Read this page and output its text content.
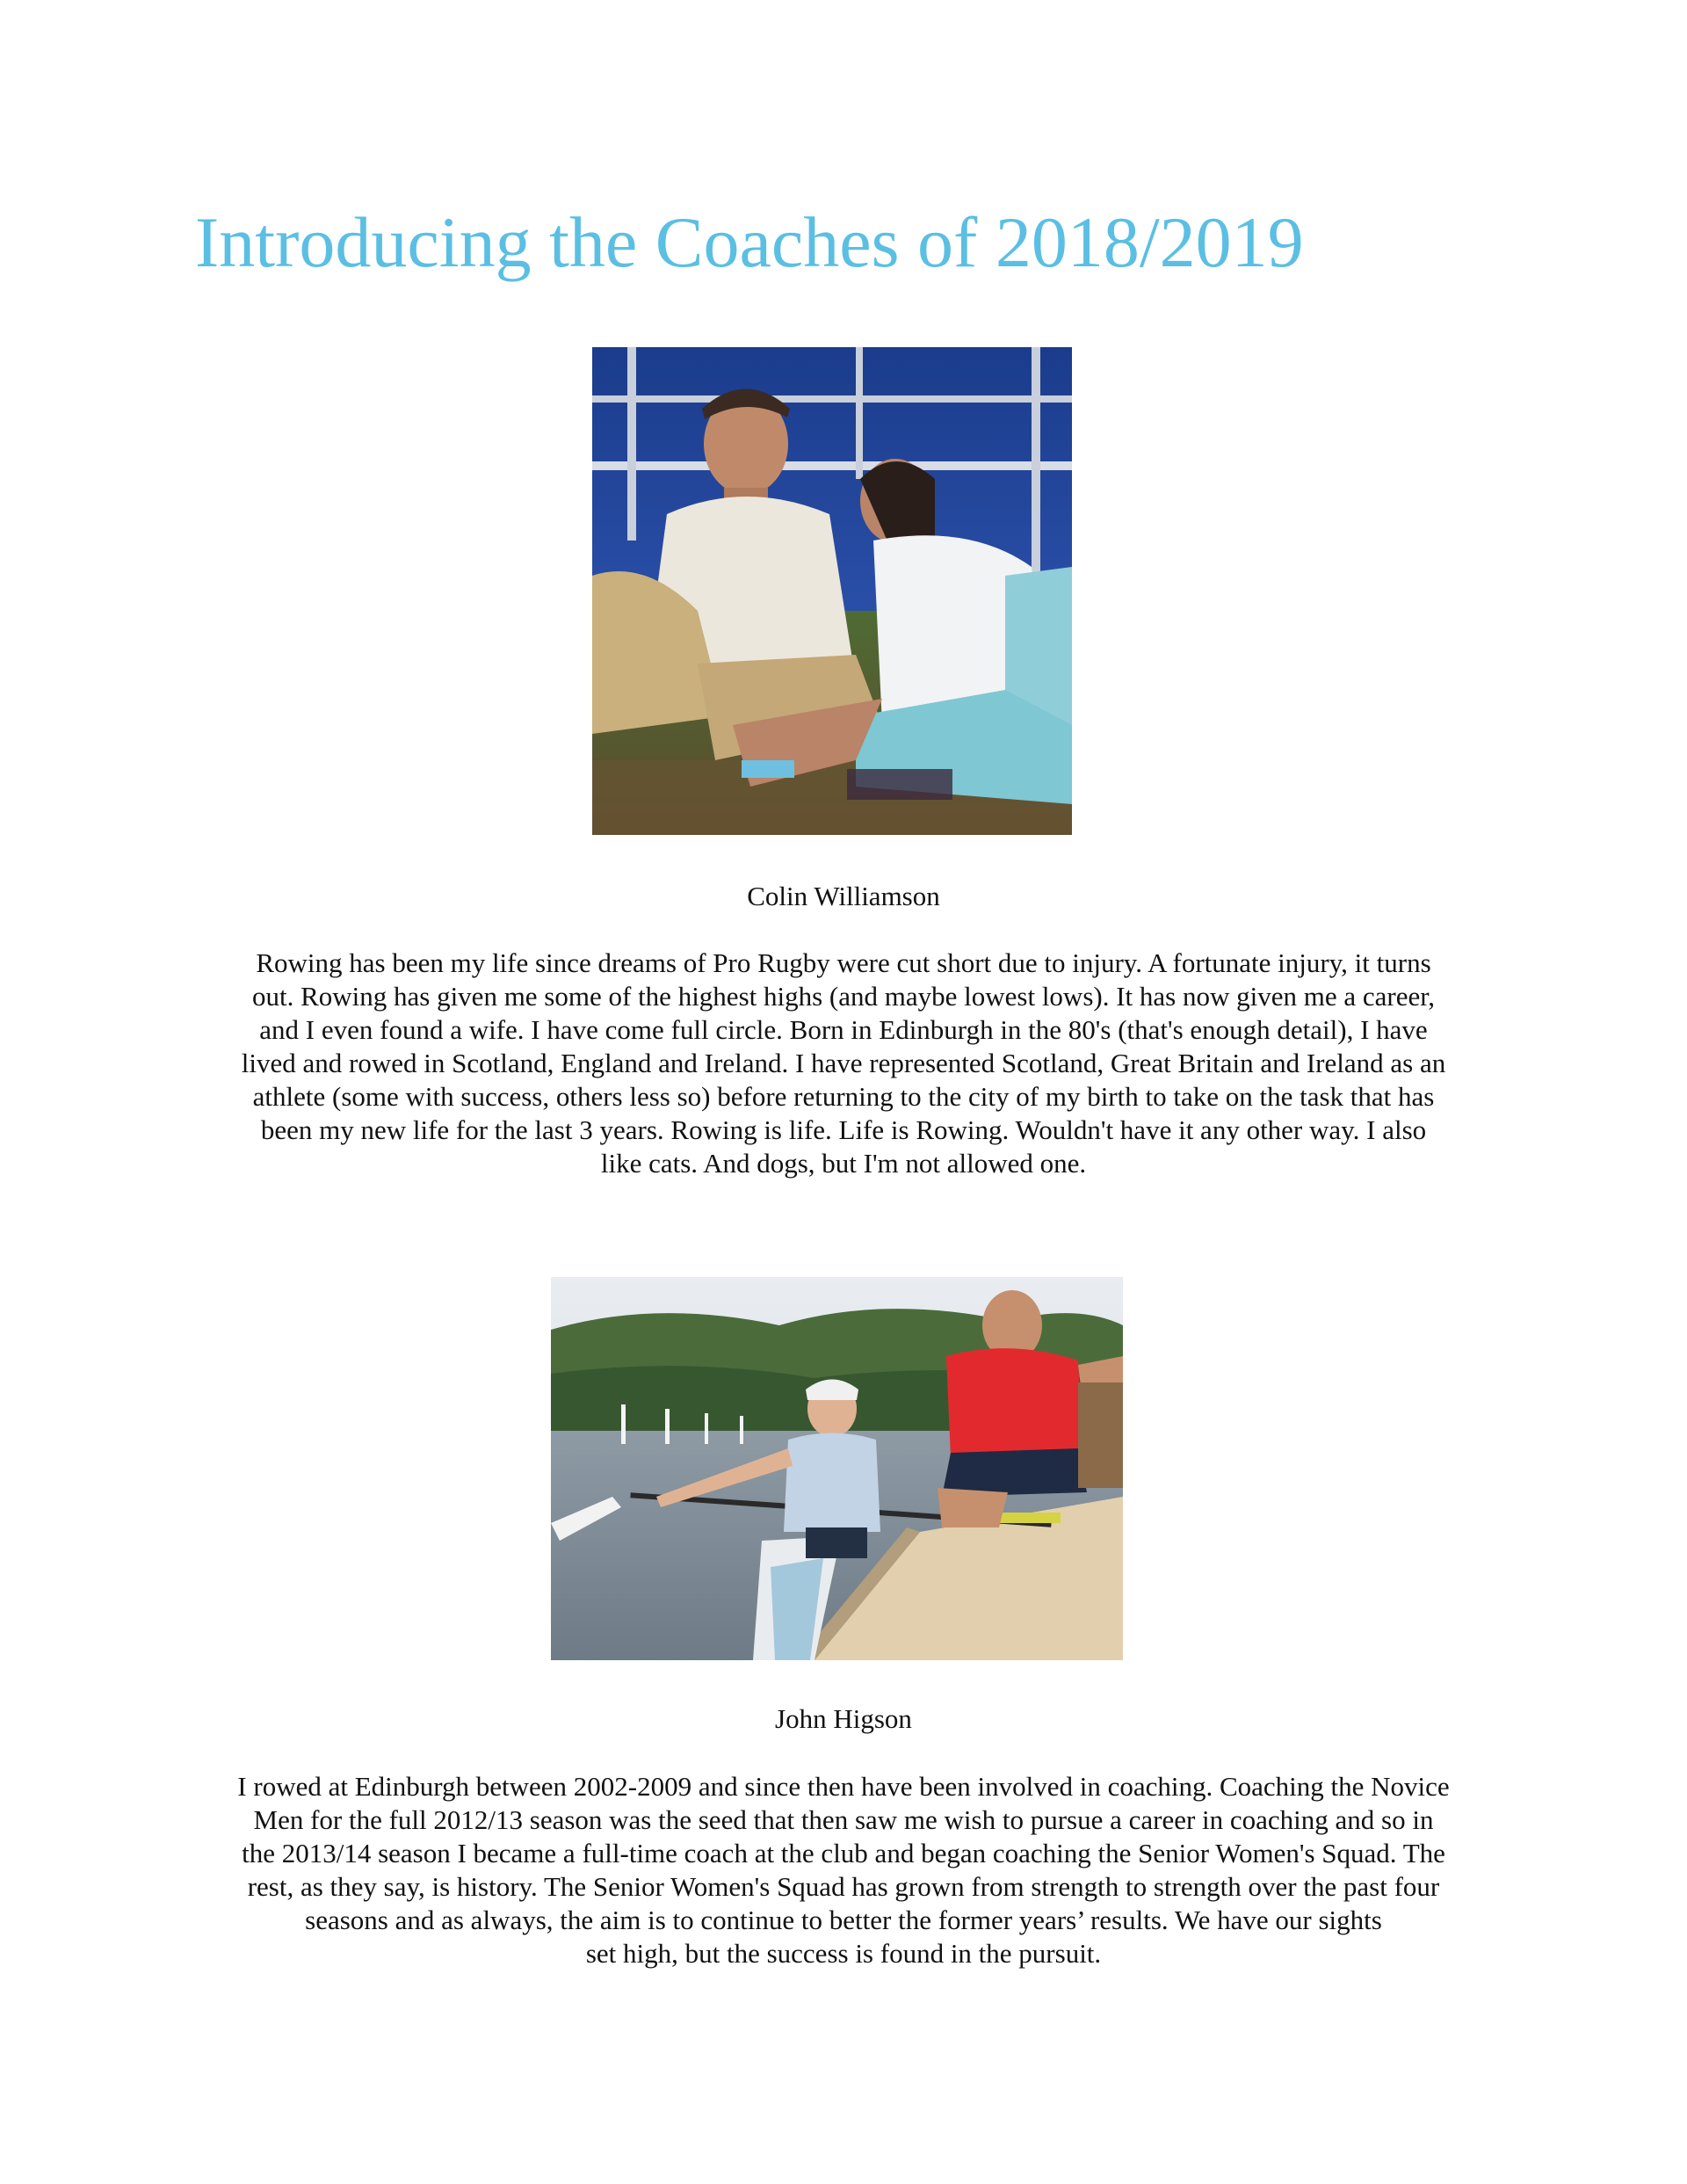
Introducing the Coaches of 2018/2019

Colin Williamson

Rowing has been my life since dreams of Pro Rugby were cut short due to injury. A fortunate injury, it turns
out. Rowing has given me some of the highest highs (and maybe lowest lows). It has now given me a career,
and I even found a wife. I have come full circle. Born in Edinburgh in the 80's (that's enough detail), I have
lived and rowed in Scotland, England and Ireland. I have represented Scotland, Great Britain and Ireland as an
athlete (some with success, others less so) before returning to the city of my birth to take on the task that has
been my new life for the last 3 years. Rowing is life. Life is Rowing. Wouldn't have it any other way. I also
like cats. And dogs, but I'm not allowed one.

John Higson

I rowed at Edinburgh between 2002-2009 and since then have been involved in coaching. Coaching the Novice
Men for the full 2012/13 season was the seed that then saw me wish to pursue a career in coaching and so in
the 2013/14 season I became a full-time coach at the club and began coaching the Senior Women's Squad. The
rest, as they say, is history. The Senior Women's Squad has grown from strength to strength over the past four
seasons and as always, the aim is to continue to better the former years’ results. We have our sights
set high, but the success is found in the pursuit.
